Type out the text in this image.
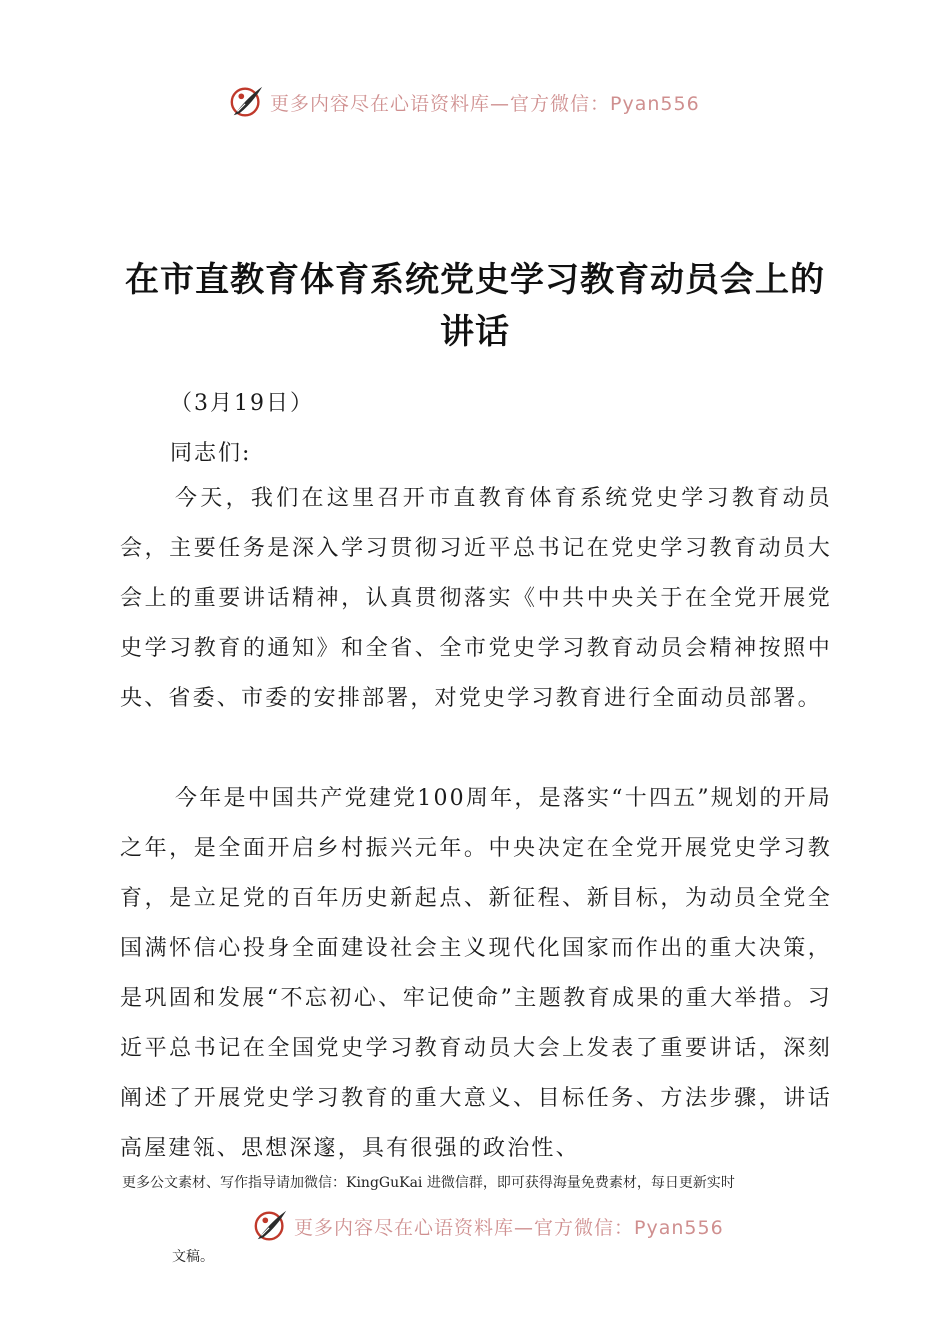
更多内容尽在心语资料库—官方微信：Pyan556
在市直教育体育系统党史学习教育动员会上的
讲话
（3月19日）
同志们:

今天，我们在这里召开市直教育体育系统党史学习教育动员会，主要任务是深入学习贯彻习近平总书记在党史学习教育动员大会上的重要讲话精神，认真贯彻落实《中共中央关于在全党开展党史学习教育的通知》和全省、全市党史学习教育动员会精神按照中央、省委、市委的安排部署，对党史学习教育进行全面动员部署。

今年是中国共产党建党100周年，是落实“十四五”规划的开局之年，是全面开启乡村振兴元年。中央决定在全党开展党史学习教育，是立足党的百年历史新起点、新征程、新目标，为动员全党全国满怀信心投身全面建设社会主义现代化国家而作出的重大决策，是巩固和发展“不忘初心、牢记使命”主题教育成果的重大举措。习近平总书记在全国党史学习教育动员大会上发表了重要讲话，深刻阐述了开展党史学习教育的重大意义、目标任务、方法步骤，讲话高屋建瓴、思想深邃，具有很强的政治性、

更多公文素材、写作指导请加微信：KingGuKai 进微信群，即可获得海量免费素材，每日更新实时
更多内容尽在心语资料库—官方微信：Pyan556
文稿。
